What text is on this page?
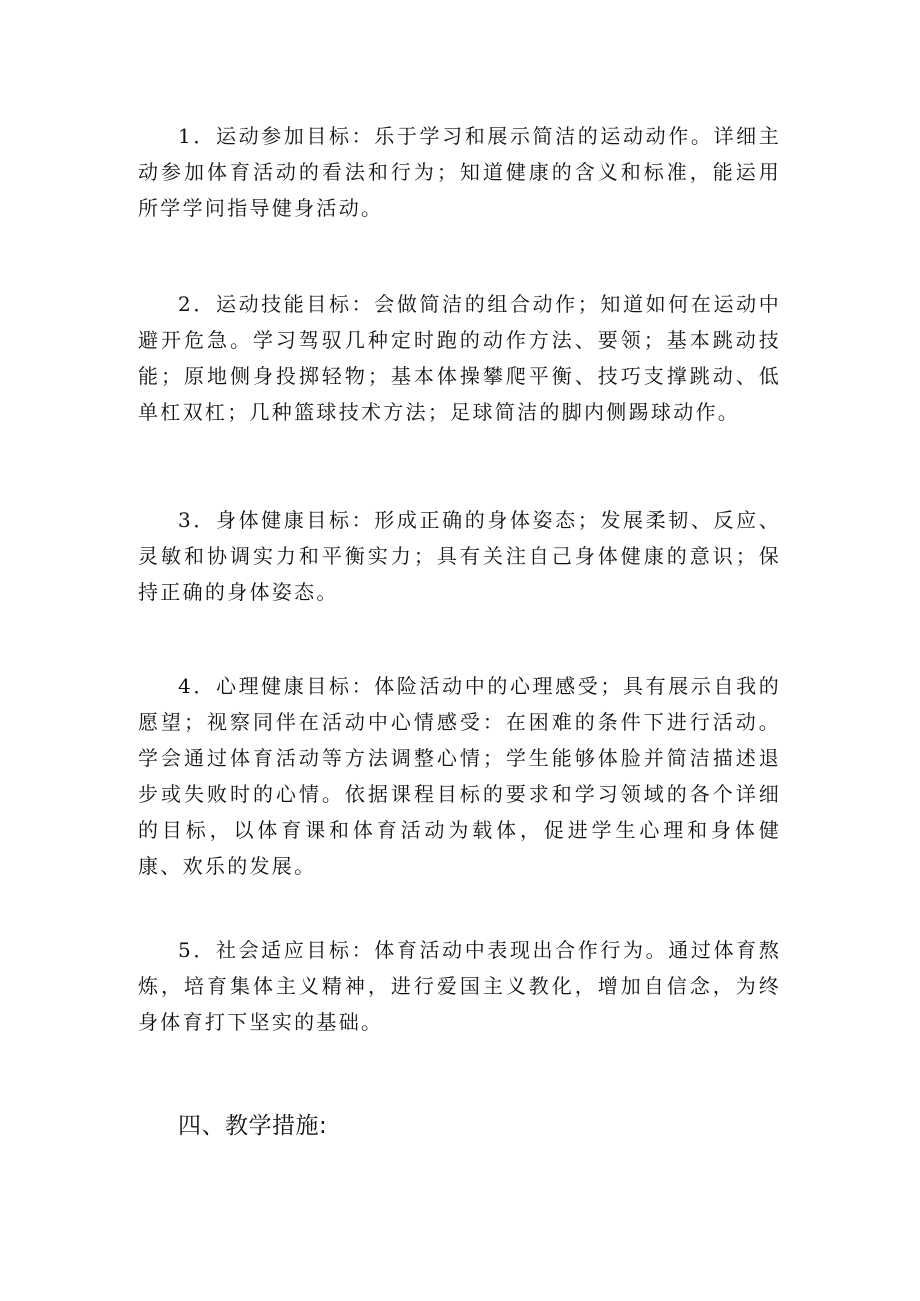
1．运动参加目标：乐于学习和展示简洁的运动动作。详细主动参加体育活动的看法和行为；知道健康的含义和标准，能运用所学学问指导健身活动。

2．运动技能目标：会做简洁的组合动作；知道如何在运动中避开危急。学习驾驭几种定时跑的动作方法、要领；基本跳动技能；原地侧身投掷轻物；基本体操攀爬平衡、技巧支撑跳动、低单杠双杠；几种篮球技术方法；足球简洁的脚内侧踢球动作。

3．身体健康目标：形成正确的身体姿态；发展柔韧、反应、灵敏和协调实力和平衡实力；具有关注自己身体健康的意识；保持正确的身体姿态。

4．心理健康目标：体险活动中的心理感受；具有展示自我的愿望；视察同伴在活动中心情感受：在困难的条件下进行活动。学会通过体育活动等方法调整心情；学生能够体脸并简洁描述退步或失败时的心情。依据课程目标的要求和学习领域的各个详细的目标，以体育课和体育活动为载体，促进学生心理和身体健康、欢乐的发展。

5．社会适应目标：体育活动中表现出合作行为。通过体育熬炼，培育集体主义精神，进行爱国主义教化，增加自信念，为终身体育打下坚实的基础。

四、教学措施:
